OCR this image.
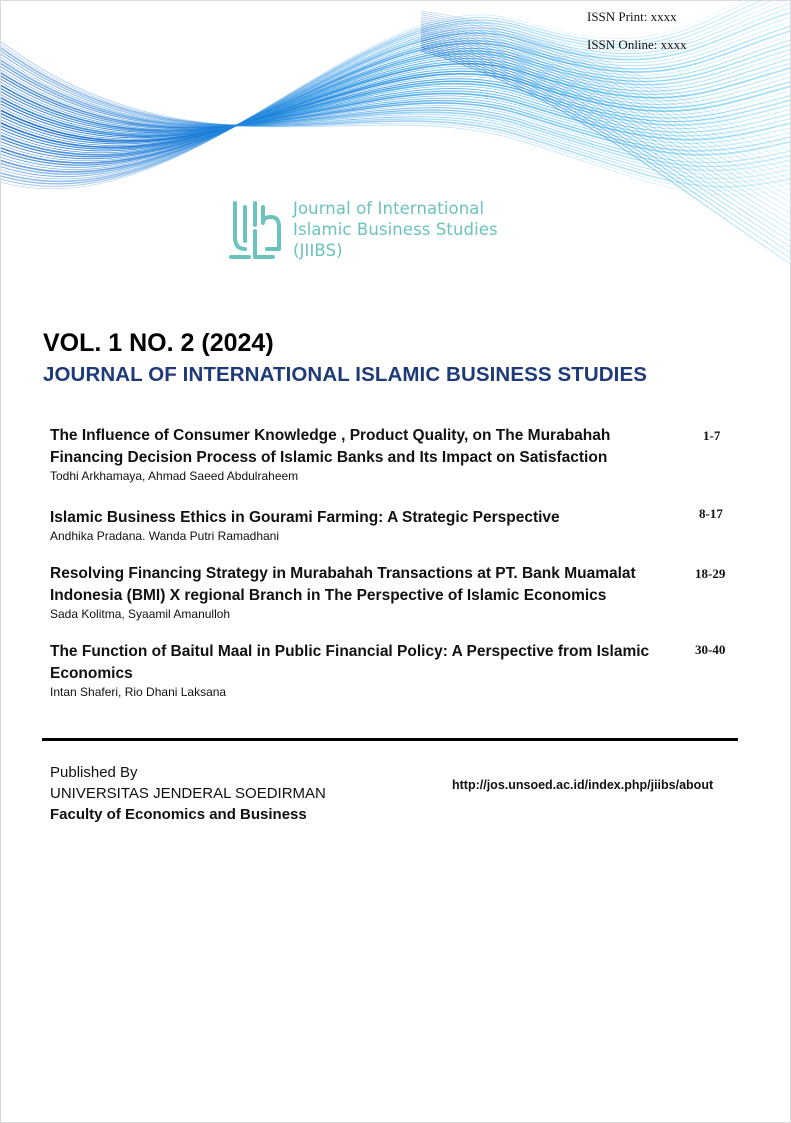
ISSN Print: xxxx
ISSN Online: xxxx
Journal of International
Islamic Business Studies
(JIIBS)
VOL. 1 NO. 2 (2024)
JOURNAL OF INTERNATIONAL ISLAMIC BUSINESS STUDIES
The Influence of Consumer Knowledge , Product Quality, on The Murabahah Financing Decision Process of Islamic Banks and Its Impact on Satisfaction
Todhi Arkhamaya, Ahmad Saeed Abdulraheem
1-7
Islamic Business Ethics in Gourami Farming: A Strategic Perspective
Andhika Pradana. Wanda Putri Ramadhani
8-17
Resolving Financing Strategy in Murabahah Transactions at PT. Bank Muamalat Indonesia (BMI) X regional Branch in The Perspective of Islamic Economics
Sada Kolitma, Syaamil Amanulloh
18-29
The Function of Baitul Maal in Public Financial Policy: A Perspective from Islamic Economics
Intan Shaferi, Rio Dhani Laksana
30-40
Published By
UNIVERSITAS JENDERAL SOEDIRMAN
Faculty of Economics and Business
http://jos.unsoed.ac.id/index.php/jiibs/about
